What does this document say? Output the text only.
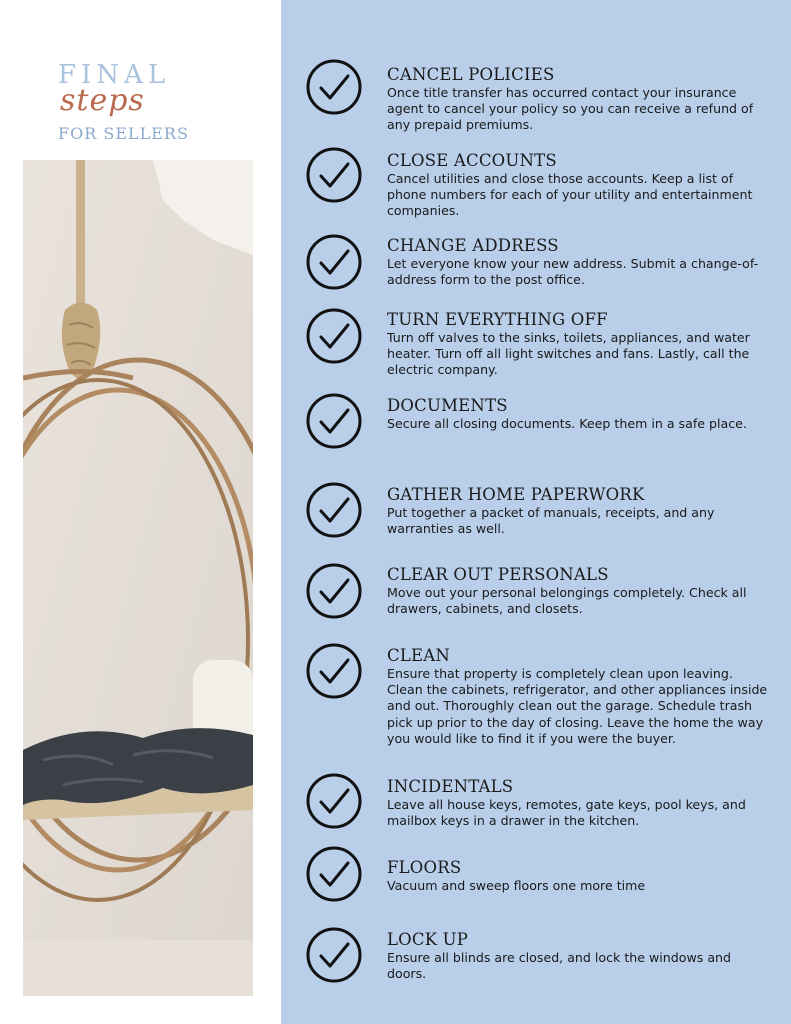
FINAL
steps
FOR SELLERS
CANCEL POLICIES

Once title transfer has occurred contact your insurance agent to cancel your policy so you can receive a refund of any prepaid premiums.

CLOSE ACCOUNTS

Cancel utilities and close those accounts. Keep a list of phone numbers for each of your utility and entertainment companies.

CHANGE ADDRESS

Let everyone know your new address. Submit a change-of-address form to the post office.

TURN EVERYTHING OFF

Turn off valves to the sinks, toilets, appliances, and water heater. Turn off all light switches and fans. Lastly, call the electric company.

DOCUMENTS

Secure all closing documents. Keep them in a safe place.

GATHER HOME PAPERWORK

Put together a packet of manuals, receipts, and any warranties as well.

CLEAR OUT PERSONALS

Move out your personal belongings completely. Check all drawers, cabinets, and closets.

CLEAN

Ensure that property is completely clean upon leaving. Clean the cabinets, refrigerator, and other appliances inside and out. Thoroughly clean out the garage. Schedule trash pick up prior to the day of closing. Leave the home the way you would like to find it if you were the buyer.

INCIDENTALS

Leave all house keys, remotes, gate keys, pool keys, and mailbox keys in a drawer in the kitchen.

FLOORS

Vacuum and sweep floors one more time

LOCK UP

Ensure all blinds are closed, and lock the windows and doors.
